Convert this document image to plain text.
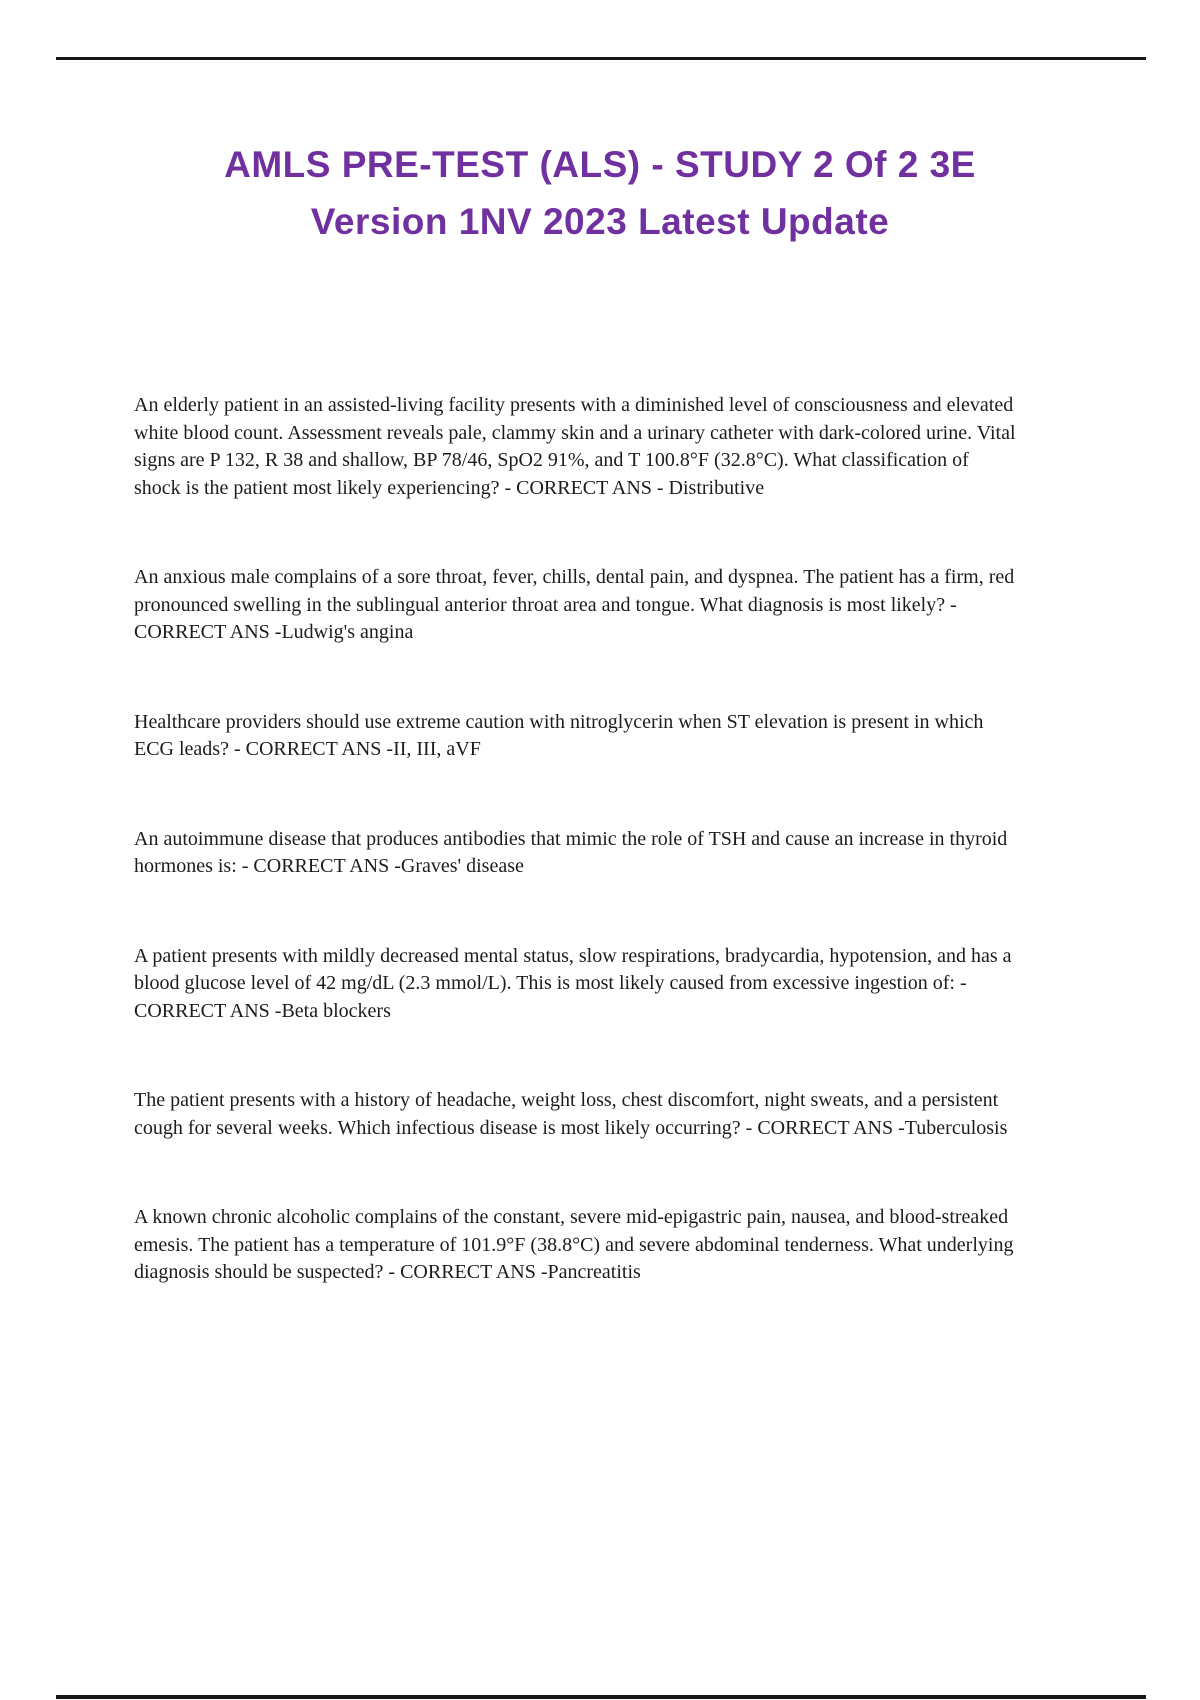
AMLS PRE-TEST (ALS) - STUDY 2 Of 2 3E
Version 1NV 2023 Latest Update

An elderly patient in an assisted-living facility presents with a diminished level of consciousness and elevated white blood count. Assessment reveals pale, clammy skin and a urinary catheter with dark-colored urine. Vital signs are P 132, R 38 and shallow, BP 78/46, SpO2 91%, and T 100.8°F (32.8°C). What classification of shock is the patient most likely experiencing? - CORRECT ANS - Distributive

An anxious male complains of a sore throat, fever, chills, dental pain, and dyspnea. The patient has a firm, red pronounced swelling in the sublingual anterior throat area and tongue. What diagnosis is most likely? - CORRECT ANS -Ludwig's angina

Healthcare providers should use extreme caution with nitroglycerin when ST elevation is present in which ECG leads? - CORRECT ANS -II, III, aVF

An autoimmune disease that produces antibodies that mimic the role of TSH and cause an increase in thyroid hormones is: - CORRECT ANS -Graves' disease

A patient presents with mildly decreased mental status, slow respirations, bradycardia, hypotension, and has a blood glucose level of 42 mg/dL (2.3 mmol/L). This is most likely caused from excessive ingestion of: - CORRECT ANS -Beta blockers

The patient presents with a history of headache, weight loss, chest discomfort, night sweats, and a persistent cough for several weeks. Which infectious disease is most likely occurring? - CORRECT ANS -Tuberculosis

A known chronic alcoholic complains of the constant, severe mid-epigastric pain, nausea, and blood-streaked emesis. The patient has a temperature of 101.9°F (38.8°C) and severe abdominal tenderness. What underlying diagnosis should be suspected? - CORRECT ANS -Pancreatitis
